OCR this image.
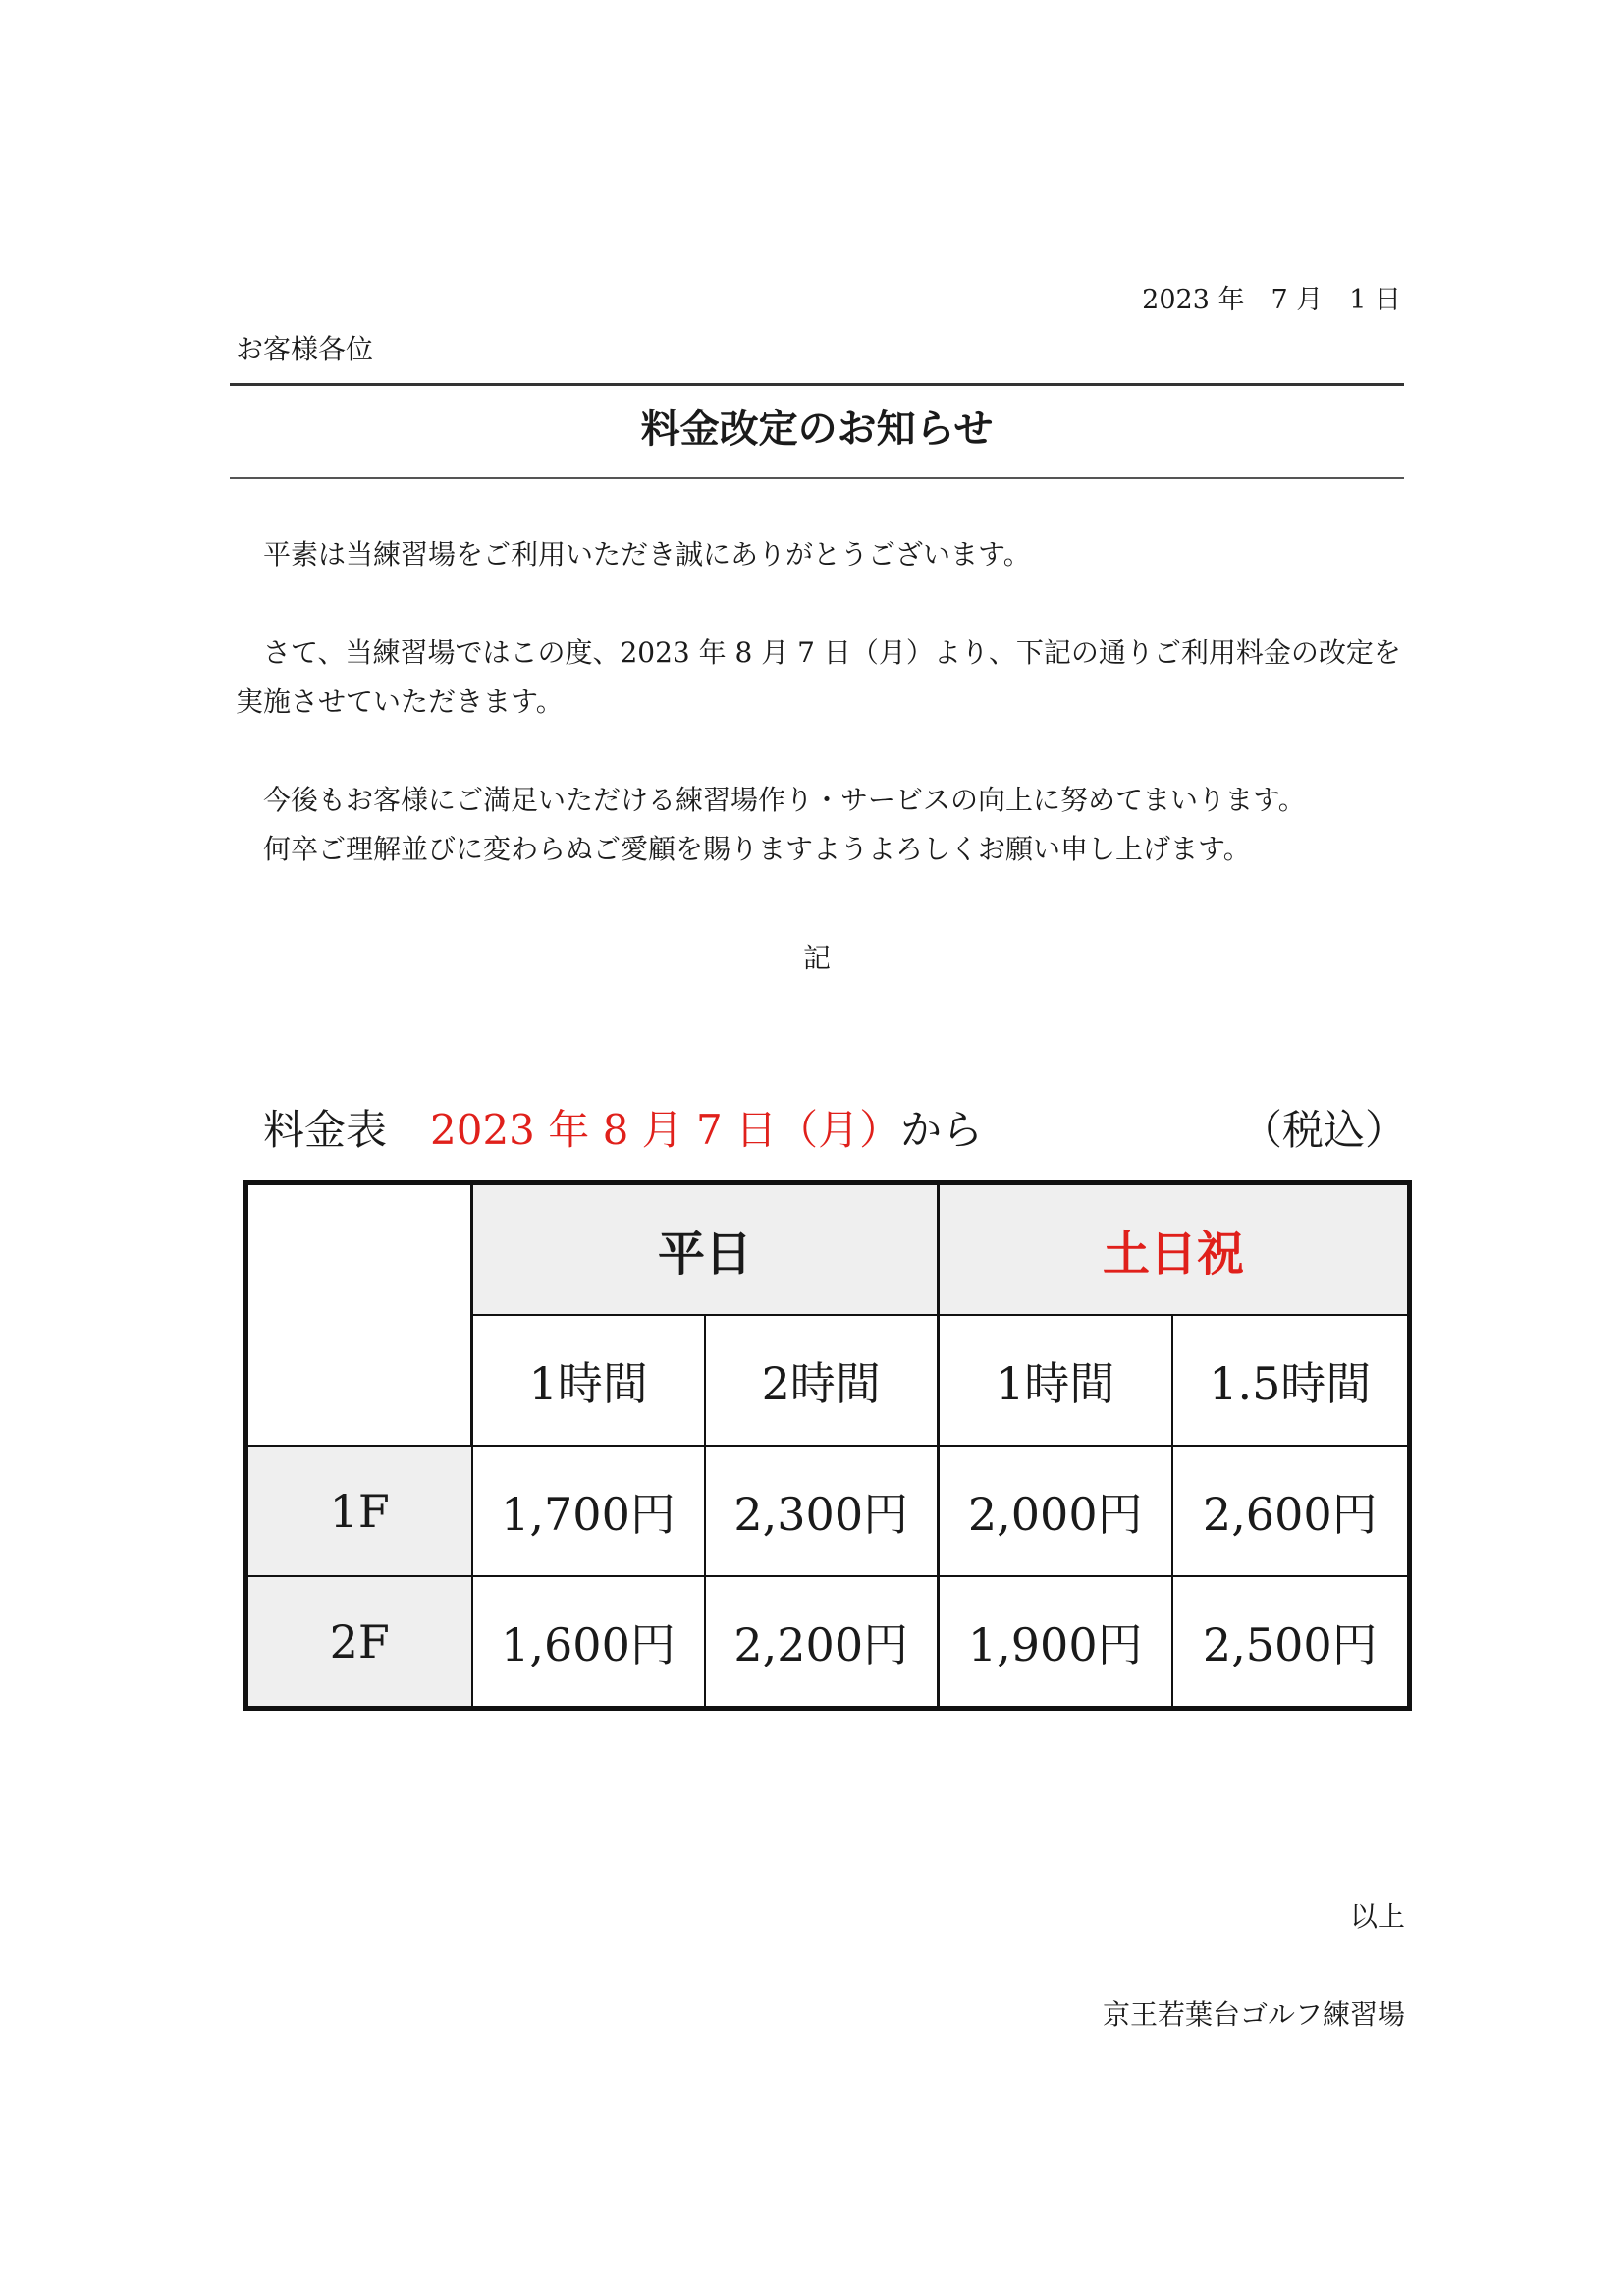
2023 年　7 月　1 日
お客様各位
料金改定のお知らせ
平素は当練習場をご利用いただき誠にありがとうございます。
さて、当練習場ではこの度、2023 年 8 月 7 日（月）より、下記の通りご利用料金の改定を実施させていただきます。
今後もお客様にご満足いただける練習場作り・サービスの向上に努めてまいります。
何卒ご理解並びに変わらぬご愛顧を賜りますようよろしくお願い申し上げます。
記
料金表 2023 年 8 月 7 日（月）から	（税込）
	平日		土日祝	
	1時間	2時間	1時間	1.5時間
1F	1,700円	2,300円	2,000円	2,600円
2F	1,600円	2,200円	1,900円	2,500円
以上
京王若葉台ゴルフ練習場
